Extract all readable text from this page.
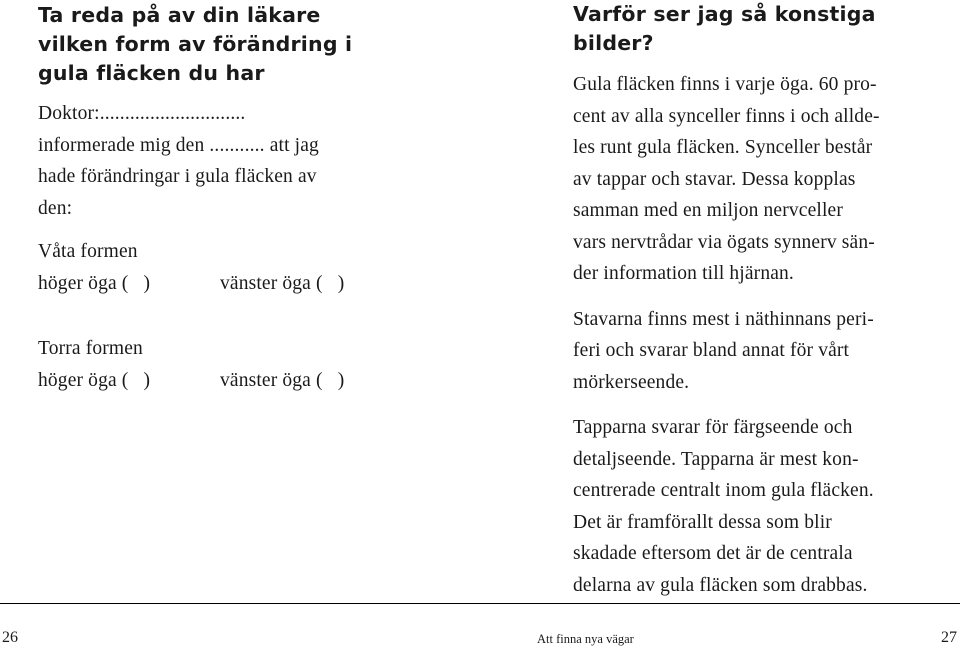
Ta reda på av din läkare
vilken form av förändring i
gula fläcken du har
Doktor:.............................
informerade mig den ........... att jag
hade förändringar i gula fläcken av
den:
Våta formen
höger öga (   )	vänster öga (   )
Torra formen
höger öga (   )	vänster öga (   )
Varför ser jag så konstiga
bilder?

Gula fläcken finns i varje öga. 60 pro-
cent av alla synceller finns i och allde-
les runt gula fläcken. Synceller består
av tappar och stavar. Dessa kopplas
samman med en miljon nervceller
vars nervtrådar via ögats synnerv sän-
der information till hjärnan.

Stavarna finns mest i näthinnans peri-
feri och svarar bland annat för vårt
mörkerseende.

Tapparna svarar för färgseende och
detaljseende. Tapparna är mest kon-
centrerade centralt inom gula fläcken.
Det är framförallt dessa som blir
skadade eftersom det är de centrala
delarna av gula fläcken som drabbas.

26	Att finna nya vägar	27
